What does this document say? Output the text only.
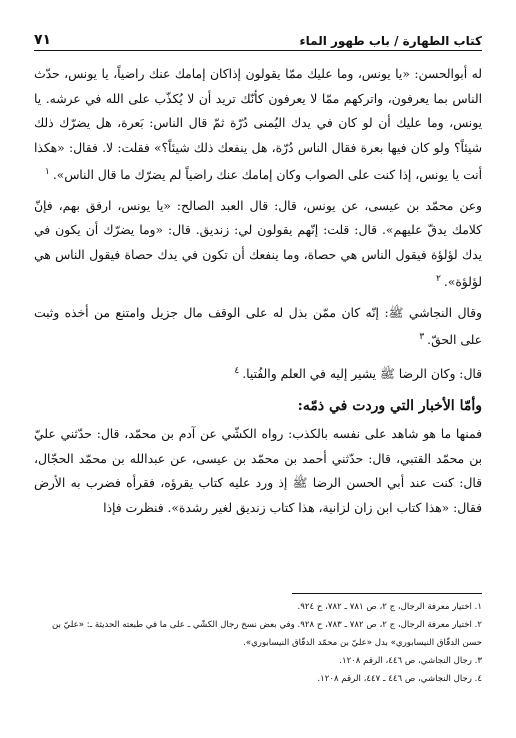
كتاب الطهارة / باب طهور الماء
٧١

له أبوالحسن: «يا يونس، وما عليك ممّا يقولون إذاكان إمامك عنك راضياً، يا يونس، حدّث الناس بما يعرفون، واتركهم ممّا لا يعرفون كأنّك تريد أن لا يُكذّب على الله في عرشه. يا يونس، وما عليك أن لو كان في يدك اليُمنى دُرّة ثمّ قال الناس: بَعرة، هل يضرّك ذلك شيئاً؟ ولو كان فيها بعرة فقال الناس دُرّة، هل ينفعك ذلك شيئاً؟» فقلت: لا. فقال: «هكذا أنت يا يونس، إذا كنت على الصواب وكان إمامك عنك راضياً لم يضرّك ما قال الناس».$^١$

وعن محمّد بن عيسى، عن يونس، قال: قال العبد الصالح: «يا يونس، ارفق بهم، فإنّ كلامك يدقّ عليهم». قال: قلت: إنّهم يقولون لي: زنديق. قال: «وما يضرّك أن يكون في يدك لؤلؤة فيقول الناس هي حصاة، وما ينفعك أن تكون في يدك حصاة فيقول الناس هي لؤلؤة».$^٢$

وقال النجاشي ﷺ: إنّه كان ممّن بذل له على الوقف مال جزيل وامتنع من أخذه وثبت على الحقّ.$^٣$

قال: وكان الرضا ﷺ يشير إليه في العلم والفُتيا.$^٤$

وأمّا الأخبار التي وردت في ذمّه:

فمنها ما هو شاهد على نفسه بالكذب: رواه الكشّي عن آدم بن محمّد، قال: حدّثني عليّ بن محمّد القتبي، قال: حدّثني أحمد بن محمّد بن عيسى، عن عبدالله بن محمّد الحجّال، قال: كنت عند أبي الحسن الرضا ﷺ إذ ورد عليه كتاب يقرؤه، فقرأه فضرب به الأرض فقال: «هذا كتاب ابن زان لزانية، هذا كتاب زنديق لغير رشدة». فنظرت فإذا

١. اختيار معرفة الرجال، ج ٢، ص ٧٨١ ـ ٧٨٢، ح ٩٢٤.

٢. اختيار معرفة الرجال، ج ٢، ص ٧٨٢ ـ ٧٨٣، ح ٩٢٨. وفي بعض نسخ رجال الكشّي ـ على ما في طبعته الحديثة ـ: «عليّ بن حسن الدقّاق النيسابوري» بدل «عليّ بن محمّد الدقّاق النيسابوري».

٣. رجال النجاشي، ص ٤٤٦، الرقم ١٢٠٨.

٤. رجال النجاشي، ص ٤٤٦ ـ ٤٤٧، الرقم ١٢٠٨.
